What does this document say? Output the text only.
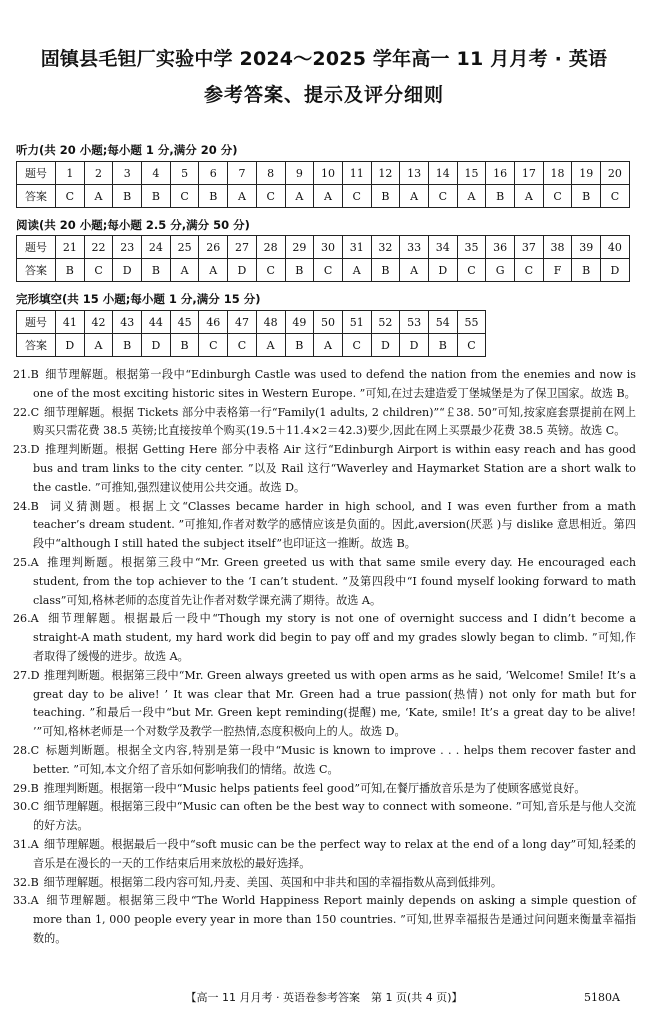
固镇县毛钽厂实验中学 2024～2025 学年高一 11 月月考 · 英语
参考答案、提示及评分细则
听力(共 20 小题;每小题 1 分,满分 20 分)
题号	1	2	3	4	5	6	7	8	9	10	11	12	13	14	15	16	17	18	19	20
答案	C	A	B	B	C	B	A	C	A	A	C	B	A	C	A	B	A	C	B	C
阅读(共 20 小题;每小题 2.5 分,满分 50 分)
题号	21	22	23	24	25	26	27	28	29	30	31	32	33	34	35	36	37	38	39	40
答案	B	C	D	B	A	A	D	C	B	C	A	B	A	D	C	G	C	F	B	D
完形填空(共 15 小题;每小题 1 分,满分 15 分)
题号	41	42	43	44	45	46	47	48	49	50	51	52	53	54	55
答案	D	A	B	D	B	C	C	A	B	A	C	D	D	B	C
21.B
细节理解题。根据第一段中“Edinburgh Castle was used to defend the nation from the enemies and now is one of the most exciting historic sites in Western Europe. ”可知,在过去建造爱丁堡城堡是为了保卫国家。故选 B。
22.C
细节理解题。根据 Tickets 部分中表格第一行“Family(1 adults, 2 children)”“￡38. 50”可知,按家庭套票提前在网上购买只需花费 38.5 英镑;比直接按单个购买(19.5＋11.4×2＝42.3)要少,因此在网上买票最少花费 38.5 英镑。故选 C。
23.D
推理判断题。根据 Getting Here 部分中表格 Air 这行“Edinburgh Airport is within easy reach and has good bus and tram links to the city center. ”以及 Rail 这行“Waverley and Haymarket Station are a short walk to the castle. ”可推知,强烈建议使用公共交通。故选 D。
24.B
词义猜测题。根据上文“Classes became harder in high school, and I was even further from a math teacher’s dream student. ”可推知,作者对数学的感情应该是负面的。因此,aversion(厌恶 )与 dislike 意思相近。第四段中“although I still hated the subject itself”也印证这一推断。故选 B。
25.A
推理判断题。根据第三段中“Mr. Green greeted us with that same smile every day. He encouraged each student, from the top achiever to the ‘I can’t student. ”及第四段中“I found myself looking forward to math class”可知,格林老师的态度首先让作者对数学课充满了期待。故选 A。
26.A
细节理解题。根据最后一段中“Though my story is not one of overnight success and I didn’t become a straight-A math student, my hard work did begin to pay off and my grades slowly began to climb. ”可知,作者取得了缓慢的进步。故选 A。
27.D
推理判断题。根据第三段中“Mr. Green always greeted us with open arms as he said, ‘Welcome! Smile! It’s a great day to be alive! ’ It was clear that Mr. Green had a true passion(热情) not only for math but for teaching. ”和最后一段中“but Mr. Green kept reminding(提醒) me, ‘Kate, smile! It’s a great day to be alive! ’”可知,格林老师是一个对数学及教学一腔热情,态度积极向上的人。故选 D。
28.C
标题判断题。根据全文内容,特别是第一段中“Music is known to improve . . . helps them recover faster and better. ”可知,本文介绍了音乐如何影响我们的情绪。故选 C。
29.B
推理判断题。根据第一段中“Music helps patients feel good”可知,在餐厅播放音乐是为了使顾客感觉良好。
30.C
细节理解题。根据第三段中“Music can often be the best way to connect with someone. ”可知,音乐是与他人交流的好方法。
31.A
细节理解题。根据最后一段中“soft music can be the perfect way to relax at the end of a long day”可知,轻柔的音乐是在漫长的一天的工作结束后用来放松的最好选择。
32.B
细节理解题。根据第二段内容可知,丹麦、美国、英国和中非共和国的幸福指数从高到低排列。
33.A
细节理解题。根据第三段中“The World Happiness Report mainly depends on asking a simple question of more than 1, 000 people every year in more than 150 countries. ”可知,世界幸福报告是通过问问题来衡量幸福指数的。
【高一 11 月月考 · 英语卷参考答案　第 1 页(共 4 页)】	5180A
